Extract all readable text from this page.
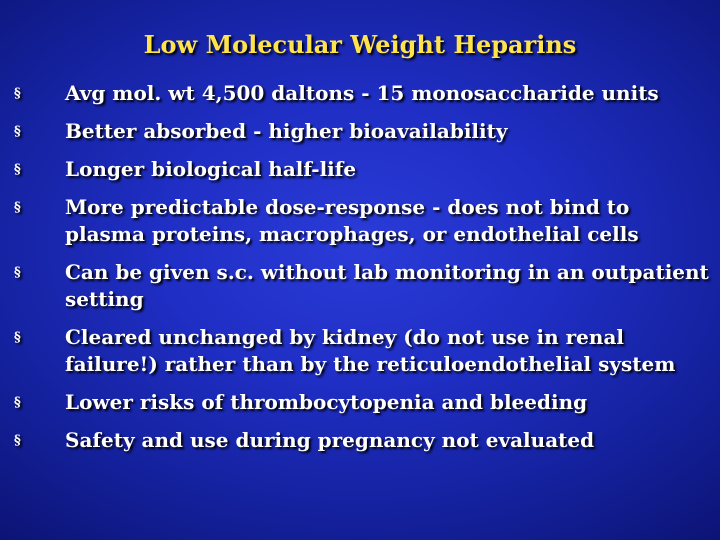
Low Molecular Weight Heparins
§	Avg mol. wt 4,500 daltons - 15 monosaccharide units
§	Better absorbed - higher bioavailability
§	Longer biological half-life
§	More predictable dose-response - does not bind to plasma proteins, macrophages, or endothelial cells
§	Can be given s.c. without lab monitoring in an outpatient setting
§	Cleared unchanged by kidney (do not use in renal failure!) rather than by the reticuloendothelial system
§	Lower risks of thrombocytopenia and bleeding
§	Safety and use during pregnancy not evaluated
